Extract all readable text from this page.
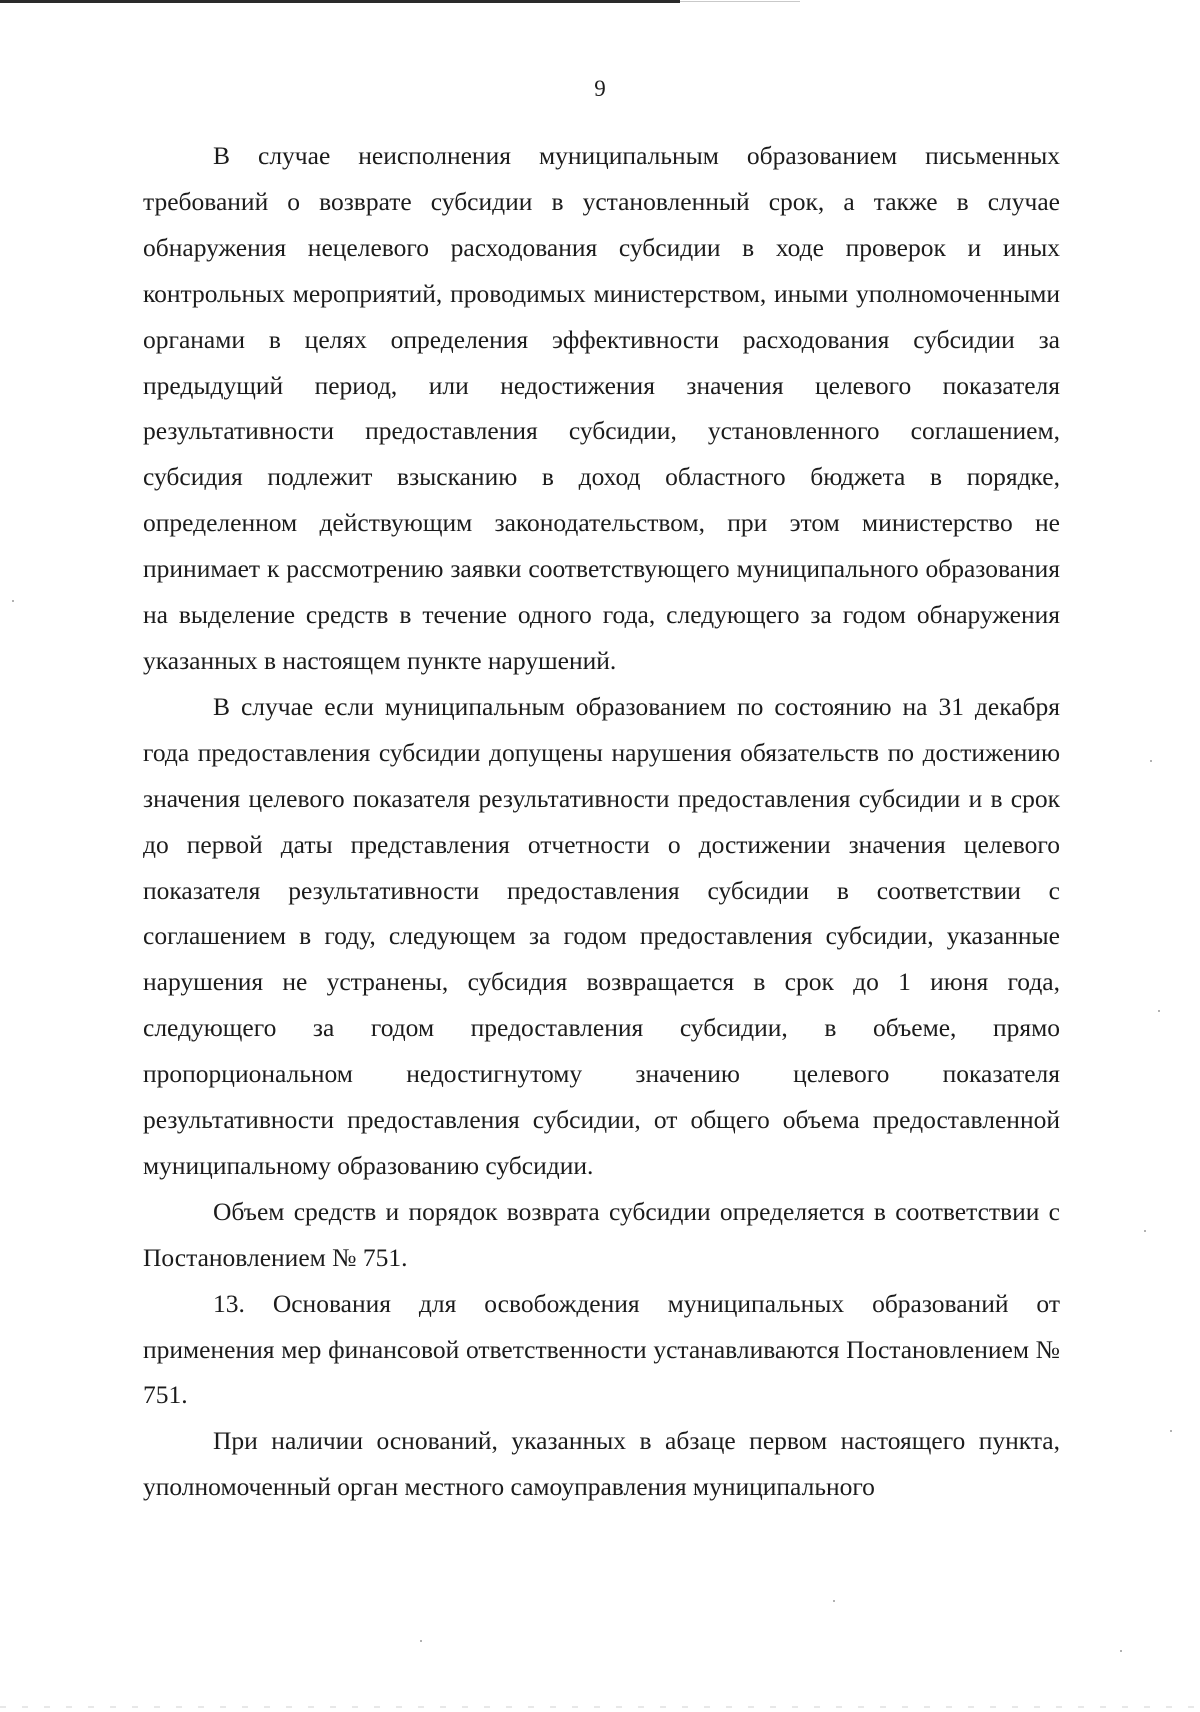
9

В случае неисполнения муниципальным образованием письменных требований о возврате субсидии в установленный срок, а также в случае обнаружения нецелевого расходования субсидии в ходе проверок и иных контрольных мероприятий, проводимых министерством, иными уполномоченными органами в целях определения эффективности расходования субсидии за предыдущий период, или недостижения значения целевого показателя результативности предоставления субсидии, установленного соглашением, субсидия подлежит взысканию в доход областного бюджета в порядке, определенном действующим законодательством, при этом министерство не принимает к рассмотрению заявки соответствующего муниципального образования на выделение средств в течение одного года, следующего за годом обнаружения указанных в настоящем пункте нарушений.

В случае если муниципальным образованием по состоянию на 31 декабря года предоставления субсидии допущены нарушения обязательств по достижению значения целевого показателя результативности предоставления субсидии и в срок до первой даты представления отчетности о достижении значения целевого показателя результативности предоставления субсидии в соответствии с соглашением в году, следующем за годом предоставления субсидии, указанные нарушения не устранены, субсидия возвращается в срок до 1 июня года, следующего за годом предоставления субсидии, в объеме, прямо пропорциональном недостигнутому значению целевого показателя результативности предоставления субсидии, от общего объема предоставленной муниципальному образованию субсидии.

Объем средств и порядок возврата субсидии определяется в соответствии с Постановлением № 751.

13. Основания для освобождения муниципальных образований от применения мер финансовой ответственности устанавливаются Постановлением № 751.

При наличии оснований, указанных в абзаце первом настоящего пункта, уполномоченный орган местного самоуправления муниципального
